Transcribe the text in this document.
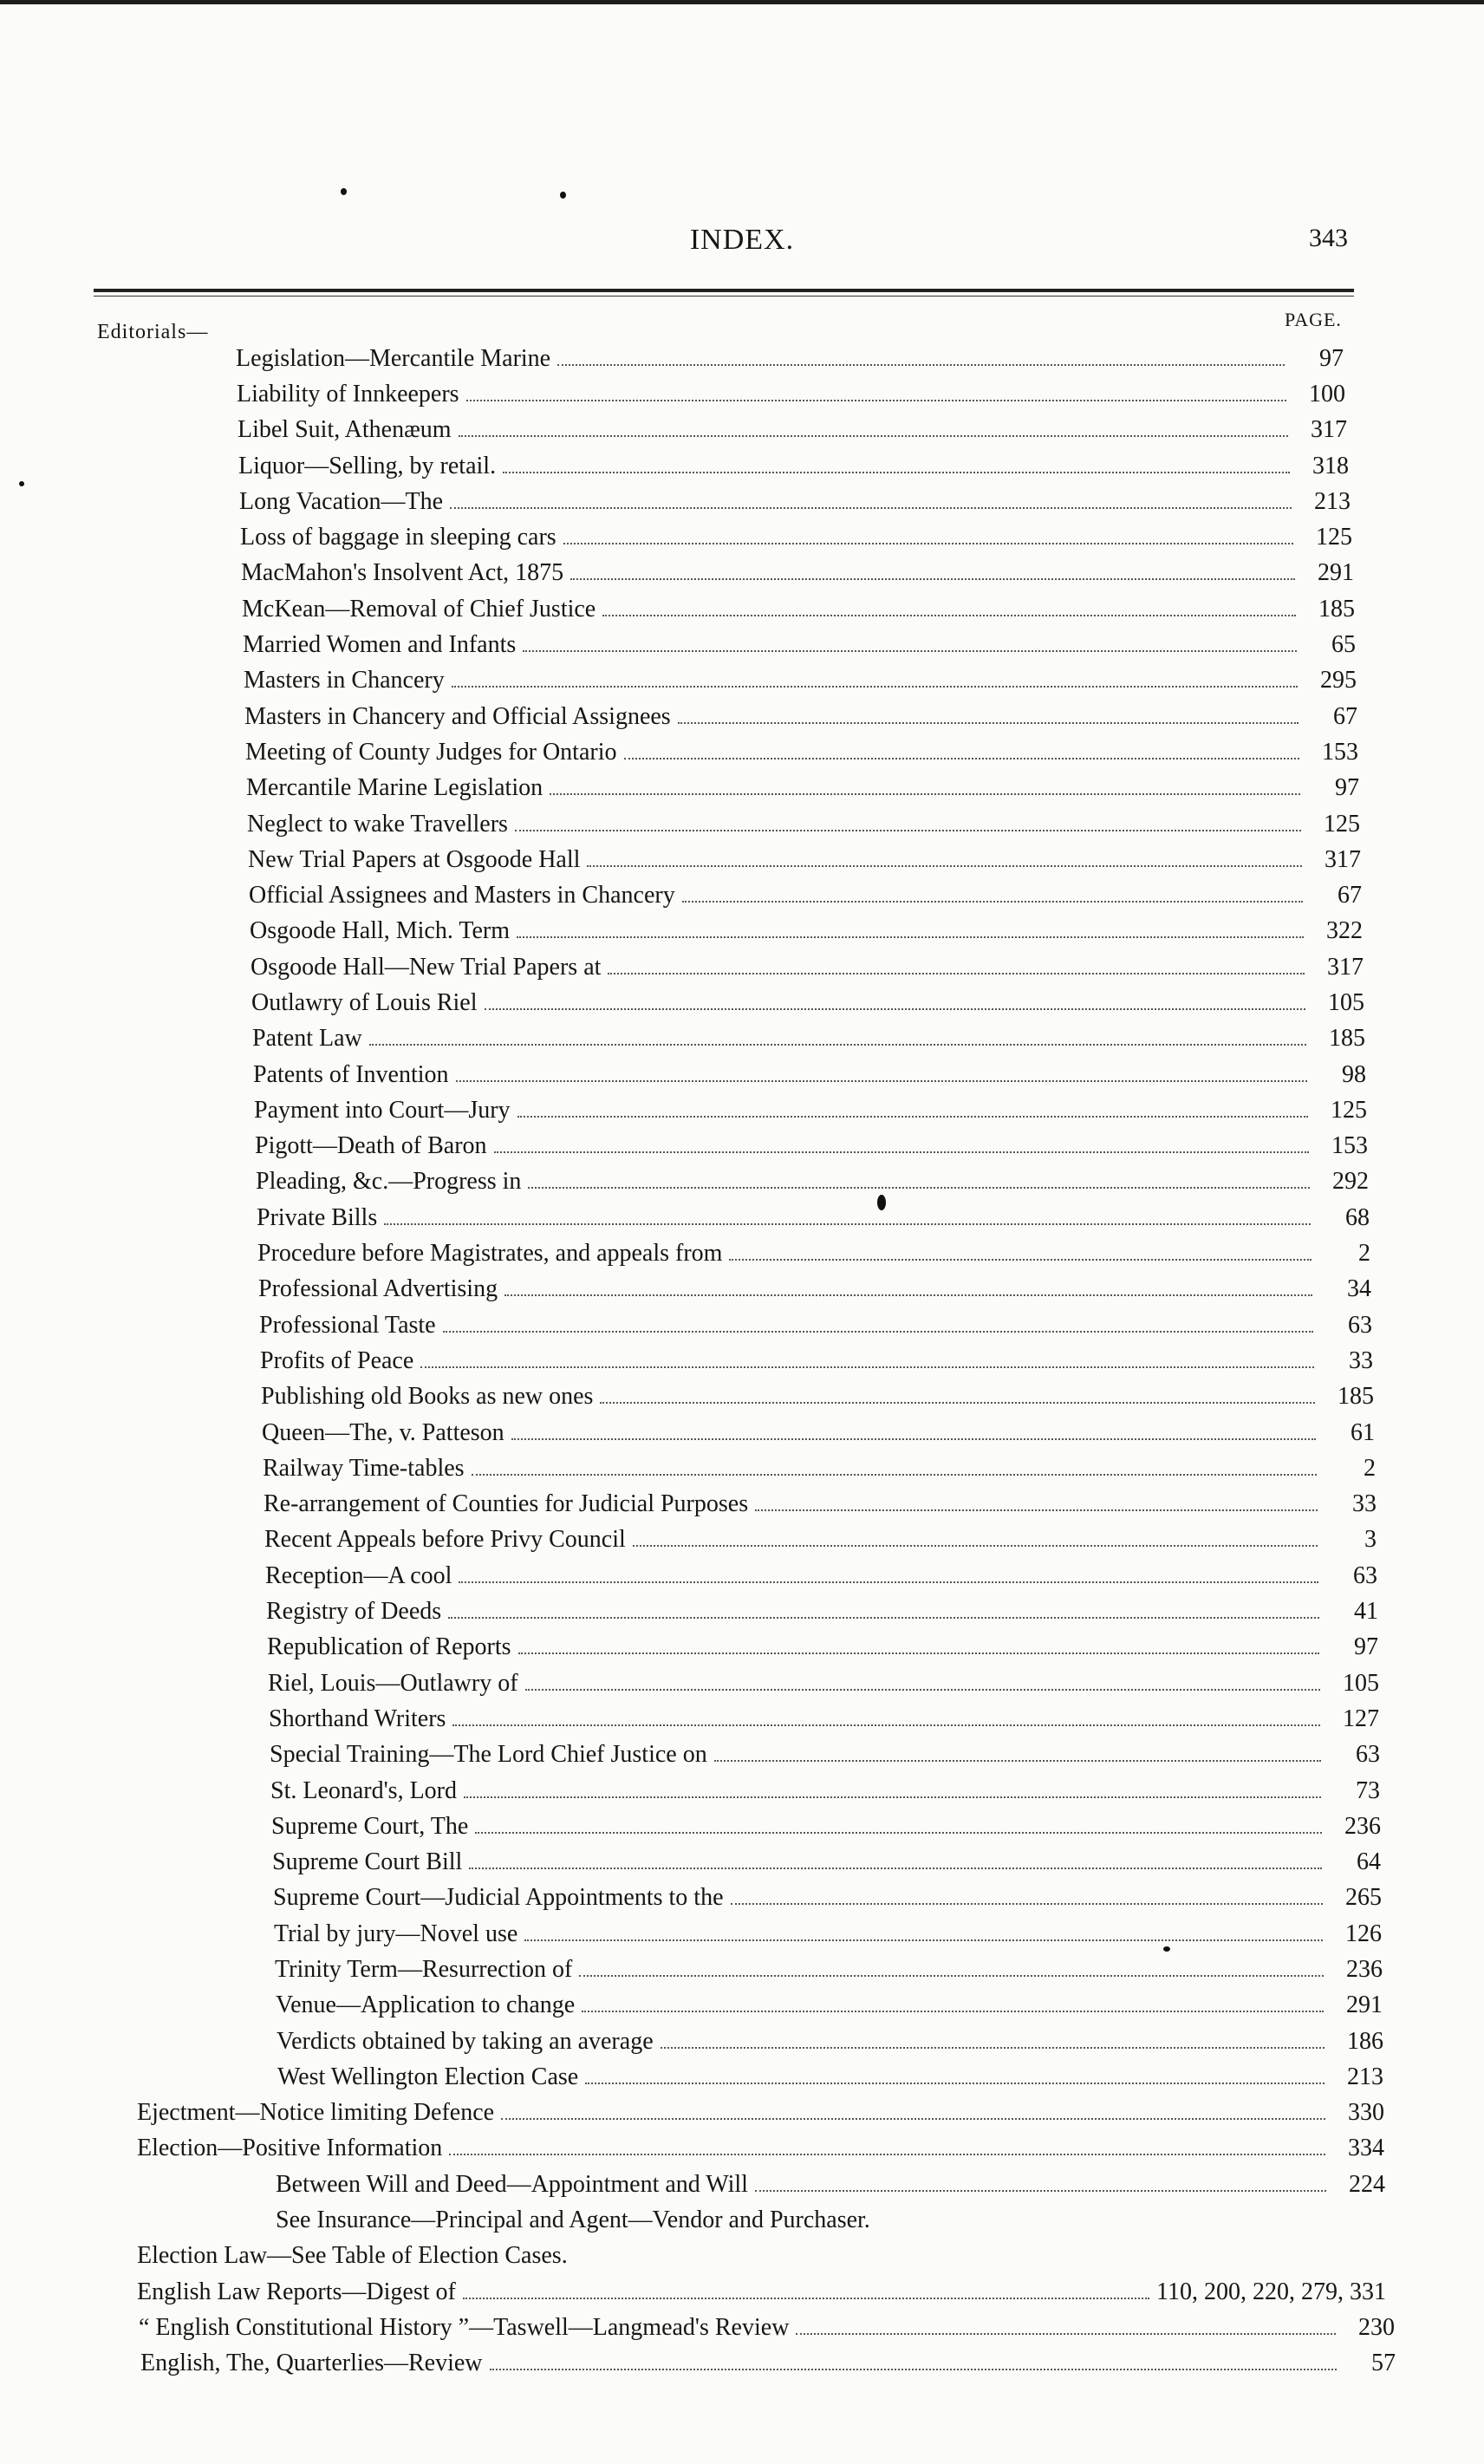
INDEX.	343
Editorials—
PAGE.
Legislation—Mercantile Marine	97
Liability of Innkeepers	100
Libel Suit, Athenæum	317
Liquor—Selling, by retail.	318
Long Vacation—The	213
Loss of baggage in sleeping cars	125
MacMahon's Insolvent Act, 1875	291
McKean—Removal of Chief Justice	185
Married Women and Infants	65
Masters in Chancery	295
Masters in Chancery and Official Assignees	67
Meeting of County Judges for Ontario	153
Mercantile Marine Legislation	97
Neglect to wake Travellers	125
New Trial Papers at Osgoode Hall	317
Official Assignees and Masters in Chancery	67
Osgoode Hall, Mich. Term	322
Osgoode Hall—New Trial Papers at	317
Outlawry of Louis Riel	105
Patent Law	185
Patents of Invention	98
Payment into Court—Jury	125
Pigott—Death of Baron	153
Pleading, &c.—Progress in	292
Private Bills	68
Procedure before Magistrates, and appeals from	2
Professional Advertising	34
Professional Taste	63
Profits of Peace	33
Publishing old Books as new ones	185
Queen—The, v. Patteson	61
Railway Time-tables	2
Re-arrangement of Counties for Judicial Purposes	33
Recent Appeals before Privy Council	3
Reception—A cool	63
Registry of Deeds	41
Republication of Reports	97
Riel, Louis—Outlawry of	105
Shorthand Writers	127
Special Training—The Lord Chief Justice on	63
St. Leonard's, Lord	73
Supreme Court, The	236
Supreme Court Bill	64
Supreme Court—Judicial Appointments to the	265
Trial by jury—Novel use	126
Trinity Term—Resurrection of	236
Venue—Application to change	291
Verdicts obtained by taking an average	186
West Wellington Election Case	213
Ejectment—Notice limiting Defence	330
Election—Positive Information	334
Between Will and Deed—Appointment and Will	224
See Insurance—Principal and Agent—Vendor and Purchaser.
Election Law—See Table of Election Cases.
English Law Reports—Digest of	110, 200, 220, 279, 331
“ English Constitutional History ”—Taswell—Langmead's Review	230
English, The, Quarterlies—Review	57
